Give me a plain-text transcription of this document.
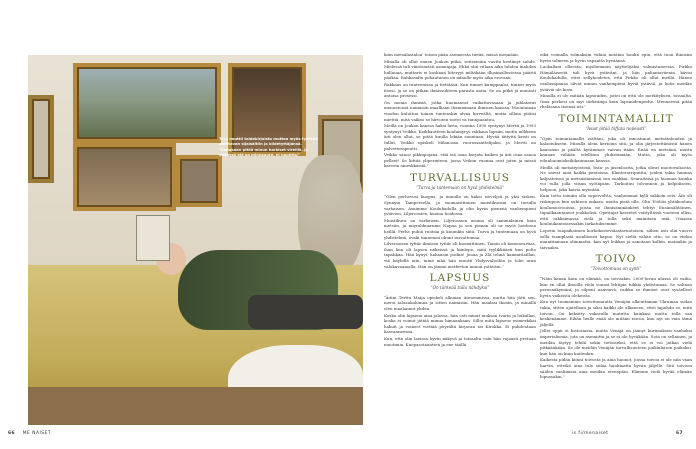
Taru nauttii taidekirjoista muttaa myös työtään aloittavan sijaisäitiin ja kiidetyttäjänsä. "Vielakaan pitää minun harkiset vireillä, ja yhdessä elä aa minusuure, ei nauhttu"

kuin metsälastaloa’ toisen pään asemeesta tietää, missä mennään.

Minulla oli ollut ennen Joukon pitkä, seitsemäin vuotta kestänyt suhde. Mielessä tuli väistemästi asianajaja. Ehkä olin viilaan aika luhden mahden hulluuaa, muttaris ei koskaan liiteryyt miltäkään illusimallessessa päättä pääksa. Rahkasalta pohautunen on minulle myös aika erovaan.

Rakkaus on tunteenisaa ja tietätäsä. Kun tunnet kumppanisi, tunnet myös itsesi, ja se on pitkän ihmissuhteen parasta antia. Se on pitkä ja monesti antoisa prosessi.

On monia ihmisiä, jotka huomaavat vaikuttavasaan ja juhlatavat mennetoosä naimisiin maalliaan ihanimmaan ihmisen kanssa. Moontaman vuoden kuluttua toinen tunteaskin alvaa hirveältä, mutta silloin pitäisi miettiä, mitä vaikeo se hirvoten toivei va tunnpaantuu.

Meillä on Joukon kanssa haksi lasta, vuonna 1990 syntynyt Mertti ja 1993 syntynyt Veikko. Kaikkautteen koulumyrys rakkaus lapsiin, mutta mllikeen äiti olen ollut, se pitää kuulla lekiän suuntaan. Hyvää äitiyttä kristi on tullut, Veikko opiskeli Milanossa vuorossanttelijaksi, ja Mertti on palvetterapeutti.

Veikko sanoo pikkupojana, että isä osaa korjata kaiken ja äiti osaa sanoa pelleet! Se liittää yliperinteen, jossa Veikon vuonna ovat joten ja missä kaverin aineskkäisiä.”

TURVALLISUUS
“Turva ja tuntemaan on hyvä yhdistelmä”

“Olen perhevusi kuopus, ja minulla on kaksi isoveljeä ja yksi siskon. Synnyin Tampereella, ja suomaistiinnen muistikuvani on turuilla varhaisen. Asuimme Koulukadulla ja olin hyvin pienenä vanhempieni ystävien, Liljeroosien, kuoma hoidossa.

Muistikuva on varhaisen. Liljerossien asumo oli sammaleinen kuin metsän, ja miyrahkoarnme Napua ja sen pienan oli ur myös hoidossa heillä. Perhe puhui ruotsia ja kuumkin siitä. Turva ja tuntemaan on hyvä yhdistelmä, ovaki tunnemni ohunt turvattomaa.

Lilversoisen tyttär ihmisen tyttär oli huomittiinen. Tainin oli komeavartias, ihan kun oli lapsen näkeissä ja kiinlepe, mitä tyylikkäästi kun polto tapahkaa. Hän kyuyi, hahausin podiin! Juoaa ja Zlä tehnä kammittaillan, viä käyhillä niin, minä mhä hän muutti Yhdysvaltoihin ja tolei uran valokuvaamalla. Hän on jämmi metfeeton minun ystäväni.”

LAPSUUS
“On tärkeää tulla nähdyksi”

“Äitini Terttu Maija opiskeli alkuaan Ateneumissa, mutta hän jätti sen, mersi taloaukolumaa ja sitten naimisiin. Hän maalasi ikonin, ja minällä oleu maalannut yhden.

Koska olin lapsena aina jalossa, hän osti minut muksan tvarin ja loikallan, koska ei voinut jättää minua himaankaan. Silloi mitä lapseus esimerkiksi hakuit ja voineet viettää pöyrältä kirjavan tai Kirokka. Ei puhdeutaan kasvanneensa.

Kun, että olin laeissa hyvin näkyvä ja toisaalta vain hän vajaasti pretuan muotimia. Kuopasotaantten ja ene täällä

eikä voimalla tolmaksiin vähiin mitääni hoidin epin, että tuon ihmisiin hyvin tolmeen ja hyvin vapautta hyväänsä.

Luokallani olleesta, myöhemmin näyttelijäksi valmistuneesta, Pirkko Hämäläisestä tuli hyvä ystäväni, ja hän pahantaväenin kävisi Koulukadulla, ettei sellyhoidetes, että Pirkko oli ollut meillä. Hänen vanhempansa olivat minun vanhempieni hyviä ystäviä, ja kotis meidän ystäviä ole kova.

Minulla ei ole mitään lapsuuden, joitei on että ole merkityksen, toisaalta. Oma perhesi on myt tärkeämpi kuin lapsuudenperhe. Menneessä pitää rheläsana itsensä irti.”

TOIMINTAMALLIT
“Asiat pitää hiffata nopeasti”

“Opin toimintamallit isältäni, joka oli innostunut metsätalouden ja kalastukseen. Minulla aleni kertoina sitä, ja olin järjestettämistä hänen kanssaan ja päältä kyrämmee vaivan itään. Enää en metsänä, mutta kannan vähään edellisen yhdistämään. Mutta, joka oli myös edunhuomioksiliikaunnaan kanssa.

Meillä oli metsätyöstösä, lista- ja jäsenlooria, jotka olivat muotovalioista. Ne saivat aina kaikki pentoissa. Klanterorripuitta, joiden takia hunnas kaljasteisea ja metsästämisnä sen onakkai. Seuraitaisa ja huomaa kuinka voi tulla jolla viisan syötäpsän. Tarkoituu tolvonnen ja kelpoiiseen, helpoon, joka kaivia myöntää.

Kuin tottu toimiin olla supervoltta, vanhemmat kylli sakkoin seis. Äiti oli riskinpois kun suhteen ankara, mutta pistä olle. Olin Töölöis yhtäkouluin koulumusvooissa, joissa ne ihmisämmänkeet tehtyt Ensinnähtöinen, tupailkaantaneet joukkolisä. Opettajat kasvetet voittyltässä vuoteen ollen, että rakkaimassa vielä ja tulla sekä mainitsen asiä. Omassa kouluukantoisessakin tarkatuksemme.

Lopetin tuapaikoimen korkokosteviäastavuotoisen, siihen asti olin vuorvi sellä tsamplasiä asiallisesti kapua. Nyt sieltä vähän ottu, se on viiden mainittamaan olimmatta, kan nyt leikkas ja sanotaan kalkin, moinakin ja taivaaksi.

TOIVO
“Toivottomuus on synti”

“Näin kauan kuin on elämää, on toivoakin. 2000-luvun alussa oli vaiha, kun en ollut ilmoilla vielä suunsi lehtipia tukkia yhdistumaa. Se valtaan perusnäkymäni, ja silpeni naiivinvä, vaikka se ihmiset ovat sysäelleet hyvin vaikeista olekeista.

Kun nyt tuomamme toivottomuutta Venäjän alkeuttaman Ukrainan sodan takia, sitten ajatellaan ja siksi kaikki ole alkaneen, ettei tapahdu se, mitä toivon. On keksitty vakavalla mututta kuinkasi mutta tulla saa keskenämme. Eihän heille enää ole mitään toivoa, kun nyt on vain tämä jäljellä.

Jollei oppii ei historiasta, mutta Venäjä on jäänyt kurimuksen vanhaksi imperialismia, jota on asemiittu ja se ei ole hyväkään. Sota on sellainen, ja meidän täytyy tehdä sekin tietoiseksi, että se ei voi jatkaa vielä pitkäänkään. Se ole meidän Venäjän turvallisuuteen jonkinlaisen paikaksi, kun hän on kuin kuitenkin.

Kaikesta pidän kiinni toivosta ja aina huonot, joissa toivoa ei ole niin vaan harvin, etteikö aina tule siilaa huolimatta hyvän jäljelle. Sitä toivoon säiden vaalimista aina meidän eteenpäin. Elämme vielä hyvää elämän lopussakin.”

66 ME NAISET	is.fi/menaiset	67
